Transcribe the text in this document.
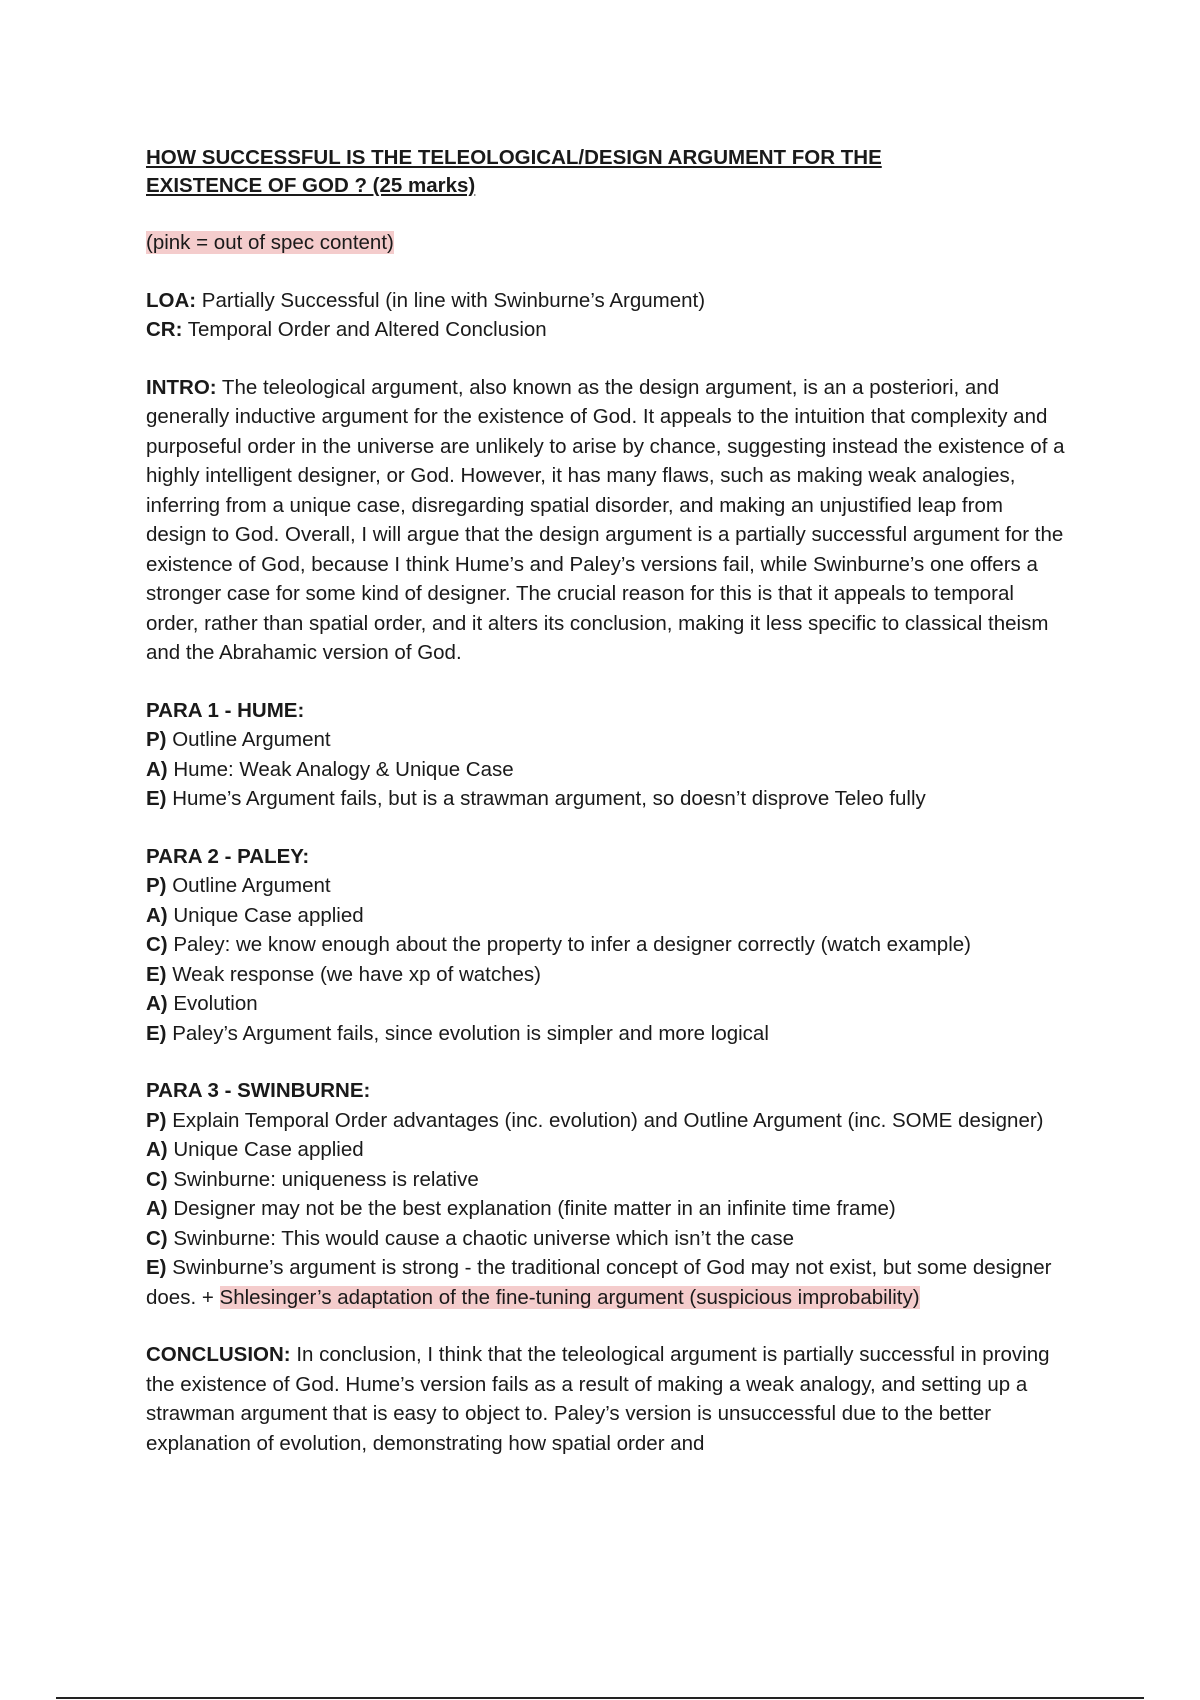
HOW SUCCESSFUL IS THE TELEOLOGICAL/DESIGN ARGUMENT FOR THE
EXISTENCE OF GOD ? (25 marks)

(pink = out of spec content)

LOA: Partially Successful (in line with Swinburne’s Argument)

CR: Temporal Order and Altered Conclusion

INTRO: The teleological argument, also known as the design argument, is an a posteriori, and generally inductive argument for the existence of God. It appeals to the intuition that complexity and purposeful order in the universe are unlikely to arise by chance, suggesting instead the existence of a highly intelligent designer, or God. However, it has many flaws, such as making weak analogies, inferring from a unique case, disregarding spatial disorder, and making an unjustified leap from design to God. Overall, I will argue that the design argument is a partially successful argument for the existence of God, because I think Hume’s and Paley’s versions fail, while Swinburne’s one offers a stronger case for some kind of designer. The crucial reason for this is that it appeals to temporal order, rather than spatial order, and it alters its conclusion, making it less specific to classical theism and the Abrahamic version of God.

PARA 1 - HUME:

P) Outline Argument

A) Hume: Weak Analogy & Unique Case

E) Hume’s Argument fails, but is a strawman argument, so doesn’t disprove Teleo fully

PARA 2 - PALEY:

P) Outline Argument

A) Unique Case applied

C) Paley: we know enough about the property to infer a designer correctly (watch example)

E) Weak response (we have xp of watches)

A) Evolution

E) Paley’s Argument fails, since evolution is simpler and more logical

PARA 3 - SWINBURNE:

P) Explain Temporal Order advantages (inc. evolution) and Outline Argument (inc. SOME designer)

A) Unique Case applied

C) Swinburne: uniqueness is relative

A) Designer may not be the best explanation (finite matter in an infinite time frame)

C) Swinburne: This would cause a chaotic universe which isn’t the case

E) Swinburne’s argument is strong - the traditional concept of God may not exist, but some designer does. + Shlesinger’s adaptation of the fine-tuning argument (suspicious improbability)

CONCLUSION: In conclusion, I think that the teleological argument is partially successful in proving the existence of God. Hume’s version fails as a result of making a weak analogy, and setting up a strawman argument that is easy to object to. Paley’s version is unsuccessful due to the better explanation of evolution, demonstrating how spatial order and
